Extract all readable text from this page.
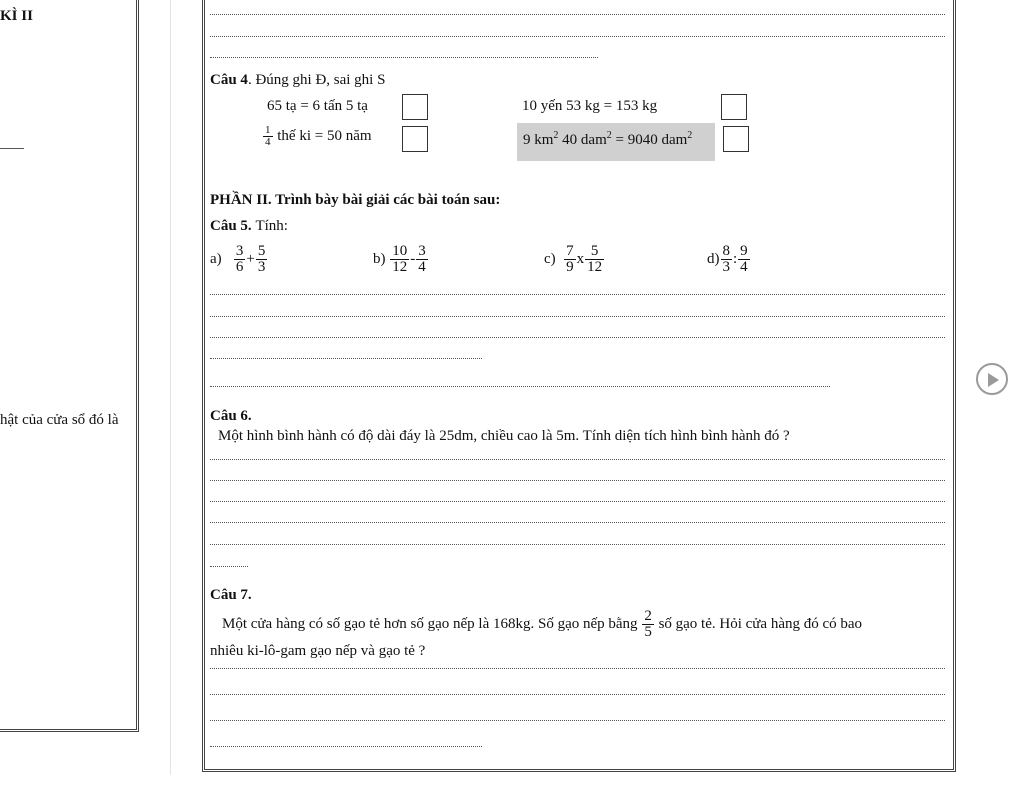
KÌ II
hật của cửa sổ đó là
Câu 4. Đúng ghi Đ, sai ghi S
65 tạ = 6 tấn 5 tạ	10 yến 53 kg = 153 kg
$\frac{1}{4}$ thế ki = 50 năm	9 $km^2$ 40 dam$^2$ = 9040 dam$^2$
PHẦN II. Trình bày bài giải các bài toán sau:
Câu 5. Tính:
$a) \frac{3}{6} + \frac{5}{3}$	$b) \frac{10}{12} - \frac{3}{4}$	$c) \frac{7}{9}$ x $\frac{5}{12}$	$d) \frac{8}{3}$ : $\frac{9}{4}$
Câu 6.
Một hình bình hành có độ dài đáy là 25dm, chiều cao là 5m. Tính diện tích hình bình hành đó ?
Câu 7.
Một cửa hàng có số gạo tẻ hơn số gạo nếp là 168kg. Số gạo nếp bằng $\frac{2}{5}$ số gạo tẻ. Hỏi cửa hàng đó có bao
nhiêu ki-lô-gam gạo nếp và gạo tẻ ?
